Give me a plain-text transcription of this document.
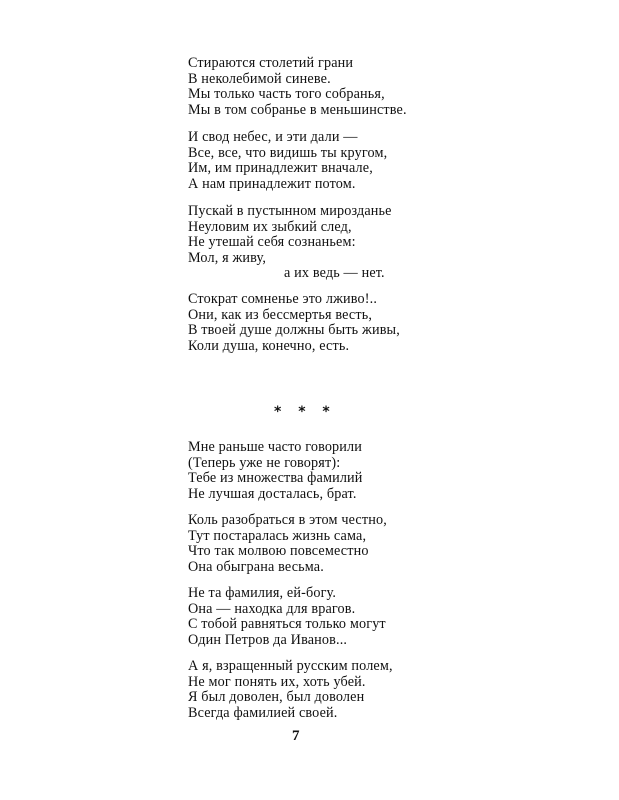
Стираются столетий грани
В неколебимой синеве.
Мы только часть того собранья,
Мы в том собранье в меньшинстве.
И свод небес, и эти дали —
Все, все, что видишь ты кругом,
Им, им принадлежит вначале,
А нам принадлежит потом.
Пускай в пустынном мирозданье
Неуловим их зыбкий след,
Не утешай себя сознаньем:
Мол, я живу,
а их ведь — нет.
Стократ сомненье это лживо!..
Они, как из бессмертья весть,
В твоей душе должны быть живы,
Коли душа, конечно, есть.
* * *
Мне раньше часто говорили
(Теперь уже не говорят):
Тебе из множества фамилий
Не лучшая досталась, брат.
Коль разобраться в этом честно,
Тут постаралась жизнь сама,
Что так молвою повсеместно
Она обыграна весьма.
Не та фамилия, ей-богу.
Она — находка для врагов.
С тобой равняться только могут
Один Петров да Иванов...
А я, взращенный русским полем,
Не мог понять их, хоть убей.
Я был доволен, был доволен
Всегда фамилией своей.
7
